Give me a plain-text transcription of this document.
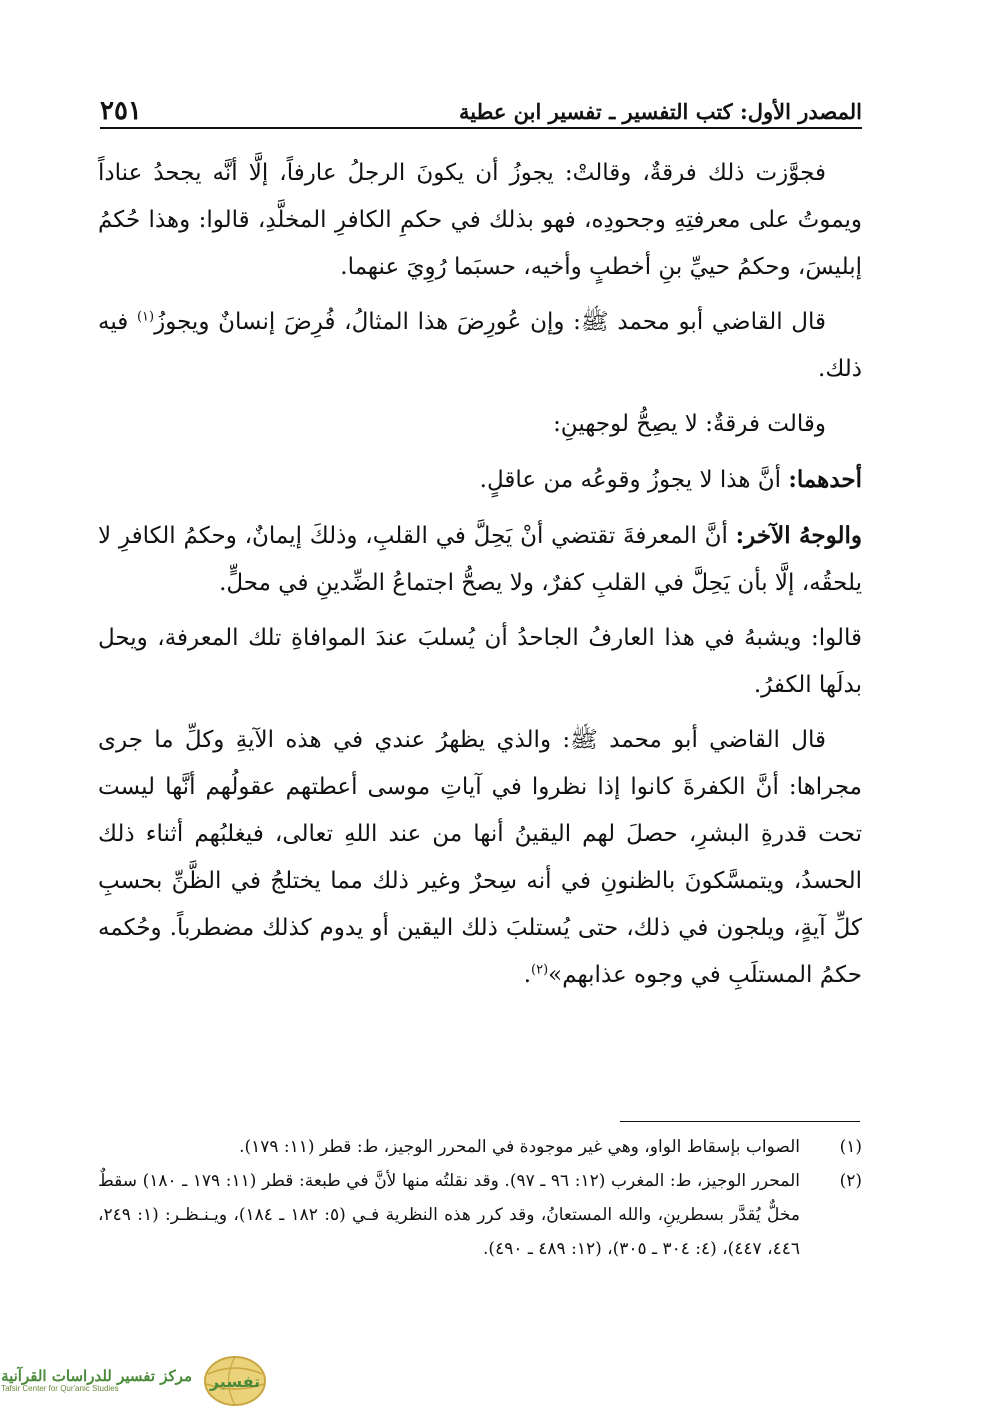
المصدر الأول: كتب التفسير ـ تفسير ابن عطية
٢٥١

فجوَّزت ذلك فرقةٌ، وقالتْ: يجوزُ أن يكونَ الرجلُ عارفاً، إلَّا أنَّه يجحدُ عناداً ويموتُ على معرفتِهِ وجحودِه، فهو بذلك في حكمِ الكافرِ المخلَّدِ، قالوا: وهذا حُكمُ إبليسَ، وحكمُ حييِّ بنِ أخطبٍ وأخيه، حسبَما رُوِيَ عنهما.

قال القاضي أبو محمد ﷺ: وإن عُورِضَ هذا المثالُ، فُرِضَ إنسانٌ ويجوزُ$^{(١)}$ فيه ذلك.

وقالت فرقةٌ: لا يصِحُّ لوجهينِ:

أحدهما: أنَّ هذا لا يجوزُ وقوعُه من عاقلٍ.

والوجهُ الآخر: أنَّ المعرفةَ تقتضي أنْ يَحِلَّ في القلبِ، وذلكَ إيمانٌ، وحكمُ الكافرِ لا يلحقُه، إلَّا بأن يَحِلَّ في القلبِ كفرٌ، ولا يصحُّ اجتماعُ الضِّدينِ في محلٍّ.

قالوا: ويشبهُ في هذا العارفُ الجاحدُ أن يُسلبَ عندَ الموافاةِ تلك المعرفة، ويحل بدلَها الكفرُ.

قال القاضي أبو محمد ﷺ: والذي يظهرُ عندي في هذه الآيةِ وكلِّ ما جرى مجراها: أنَّ الكفرةَ كانوا إذا نظروا في آياتِ موسى أعطتهم عقولُهم أنَّها ليست تحت قدرةِ البشرِ، حصلَ لهم اليقينُ أنها من عند اللهِ تعالى، فيغلبُهم أثناء ذلك الحسدُ، ويتمسَّكونَ بالظنونِ في أنه سِحرٌ وغير ذلك مما يختلجُ في الظَّنِّ بحسبِ كلِّ آيةٍ، ويلجون في ذلك، حتى يُستلبَ ذلك اليقين أو يدوم كذلك مضطرباً. وحُكمه حكمُ المستلَبِ في وجوه عذابهم»$^{(٢)}$.

(١)
الصواب بإسقاط الواو، وهي غير موجودة في المحرر الوجيز، ط: قطر (١١: ١٧٩).
(٢)
المحرر الوجيز، ط: المغرب (١٢: ٩٦ ـ ٩٧). وقد نقلتُه منها لأنَّ في طبعة: قطر (١١: ١٧٩ ـ ١٨٠) سقطٌ مخلٌّ يُقدَّر بسطرينِ، والله المستعانُ، وقد كرر هذه النظرية فـي (٥: ١٨٢ ـ ١٨٤)، ويـنـظـر: (١: ٢٤٩، ٤٤٦، ٤٤٧)، (٤: ٣٠٤ ـ ٣٠٥)، (١٢: ٤٨٩ ـ ٤٩٠).
تفسير
مركز تفسير للدراسات القرآنية
Tafsir Center for Qur'anic Studies
